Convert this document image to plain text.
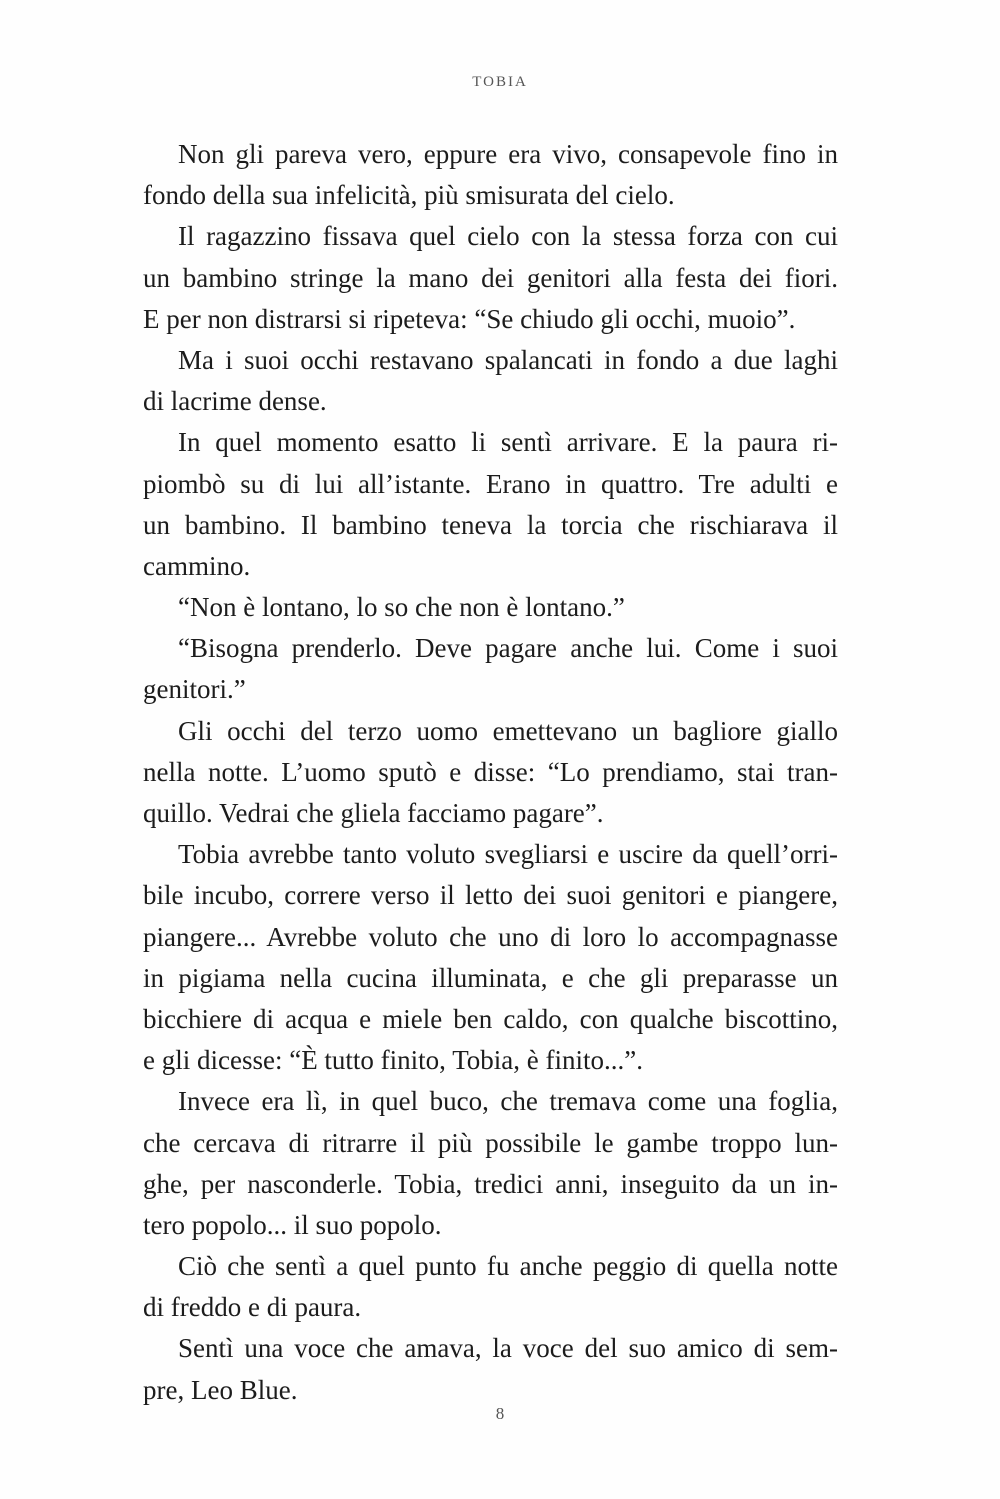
TOBIA
Non gli pareva vero, eppure era vivo, consapevole fino in
fondo della sua infelicità, più smisurata del cielo.
Il ragazzino fissava quel cielo con la stessa forza con cui
un bambino stringe la mano dei genitori alla festa dei fiori.
E per non distrarsi si ripeteva: “Se chiudo gli occhi, muoio”.
Ma i suoi occhi restavano spalancati in fondo a due laghi
di lacrime dense.
In quel momento esatto li sentì arrivare. E la paura ri-
piombò su di lui all’istante. Erano in quattro. Tre adulti e
un bambino. Il bambino teneva la torcia che rischiarava il
cammino.
“Non è lontano, lo so che non è lontano.”
“Bisogna prenderlo. Deve pagare anche lui. Come i suoi
genitori.”
Gli occhi del terzo uomo emettevano un bagliore giallo
nella notte. L’uomo sputò e disse: “Lo prendiamo, stai tran-
quillo. Vedrai che gliela facciamo pagare”.
Tobia avrebbe tanto voluto svegliarsi e uscire da quell’orri-
bile incubo, correre verso il letto dei suoi genitori e piangere,
piangere... Avrebbe voluto che uno di loro lo accompagnasse
in pigiama nella cucina illuminata, e che gli preparasse un
bicchiere di acqua e miele ben caldo, con qualche biscottino,
e gli dicesse: “È tutto finito, Tobia, è finito...”.
Invece era lì, in quel buco, che tremava come una foglia,
che cercava di ritrarre il più possibile le gambe troppo lun-
ghe, per nasconderle. Tobia, tredici anni, inseguito da un in-
tero popolo... il suo popolo.
Ciò che sentì a quel punto fu anche peggio di quella notte
di freddo e di paura.
Sentì una voce che amava, la voce del suo amico di sem-
pre, Leo Blue.
8
